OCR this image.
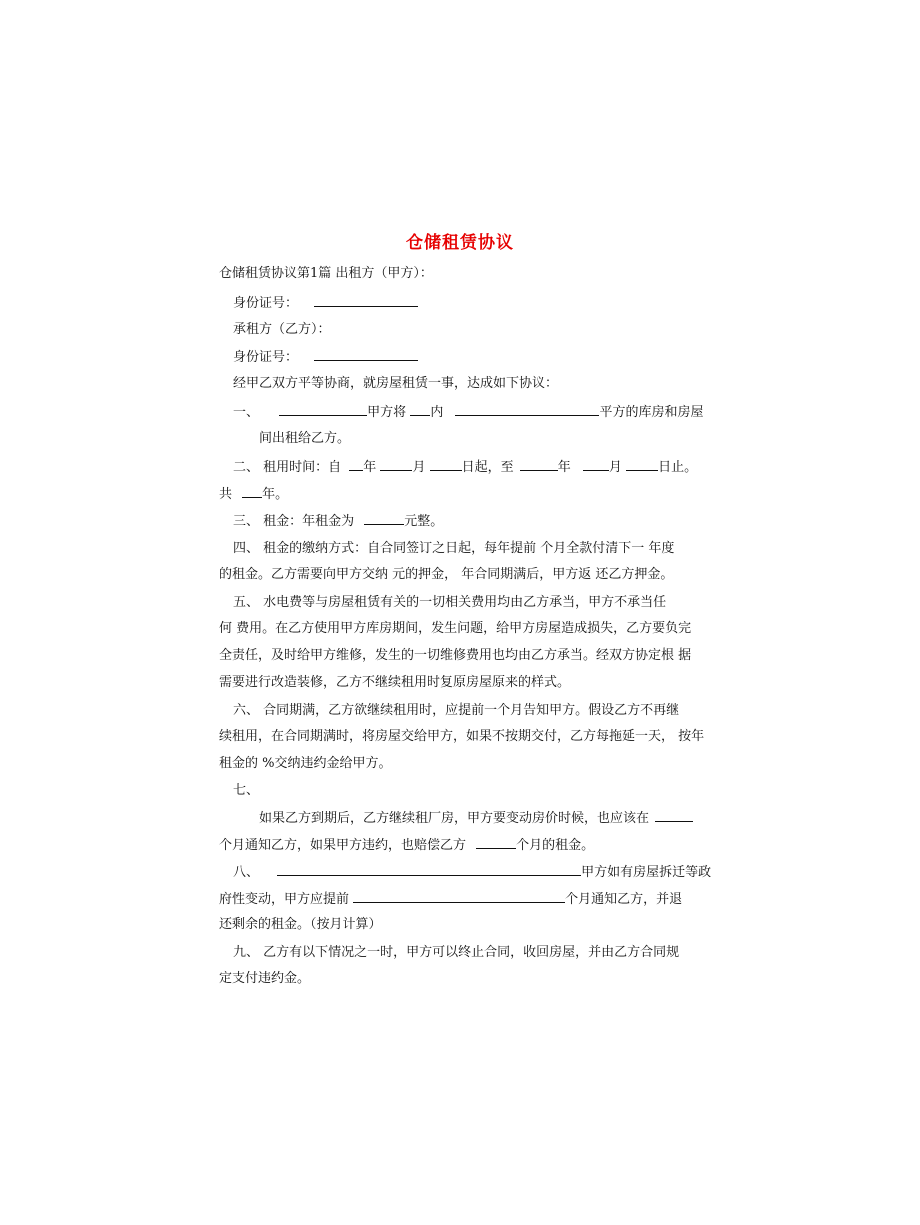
仓储租赁协议
仓储租赁协议第1篇 出租方（甲方）：
身份证号：
承租方（乙方）：
身份证号：
经甲乙双方平等协商，就房屋租赁一事，达成如下协议：
一、	甲方将 内	平方的库房和房屋
间出租给乙方。
二、 租用时间：自 年	月	日起，至	年	月	日止。
共 年。
三、 租金：年租金为	元整。
四、 租金的缴纳方式：自合同签订之日起，每年提前 个月全款付清下一 年度
的租金。乙方需要向甲方交纳 元的押金， 年合同期满后，甲方返 还乙方押金。
五、 水电费等与房屋租赁有关的一切相关费用均由乙方承当，甲方不承当任
何 费用。在乙方使用甲方库房期间，发生问题，给甲方房屋造成损失，乙方要负完
全责任，及时给甲方维修，发生的一切维修费用也均由乙方承当。经双方协定根 据
需要进行改造装修，乙方不继续租用时复原房屋原来的样式。
六、 合同期满，乙方欲继续租用时，应提前一个月告知甲方。假设乙方不再继
续租用，在合同期满时，将房屋交给甲方，如果不按期交付，乙方每拖延一天， 按年
租金的 %交纳违约金给甲方。
七、
如果乙方到期后，乙方继续租厂房，甲方要变动房价时候，也应该在
个月通知乙方，如果甲方违约，也赔偿乙方	个月的租金。
八、	甲方如有房屋拆迁等政
府性变动，甲方应提前	个月通知乙方，并退
还剩余的租金。（按月计算）
九、 乙方有以下情况之一时，甲方可以终止合同，收回房屋，并由乙方合同规
定支付违约金。
